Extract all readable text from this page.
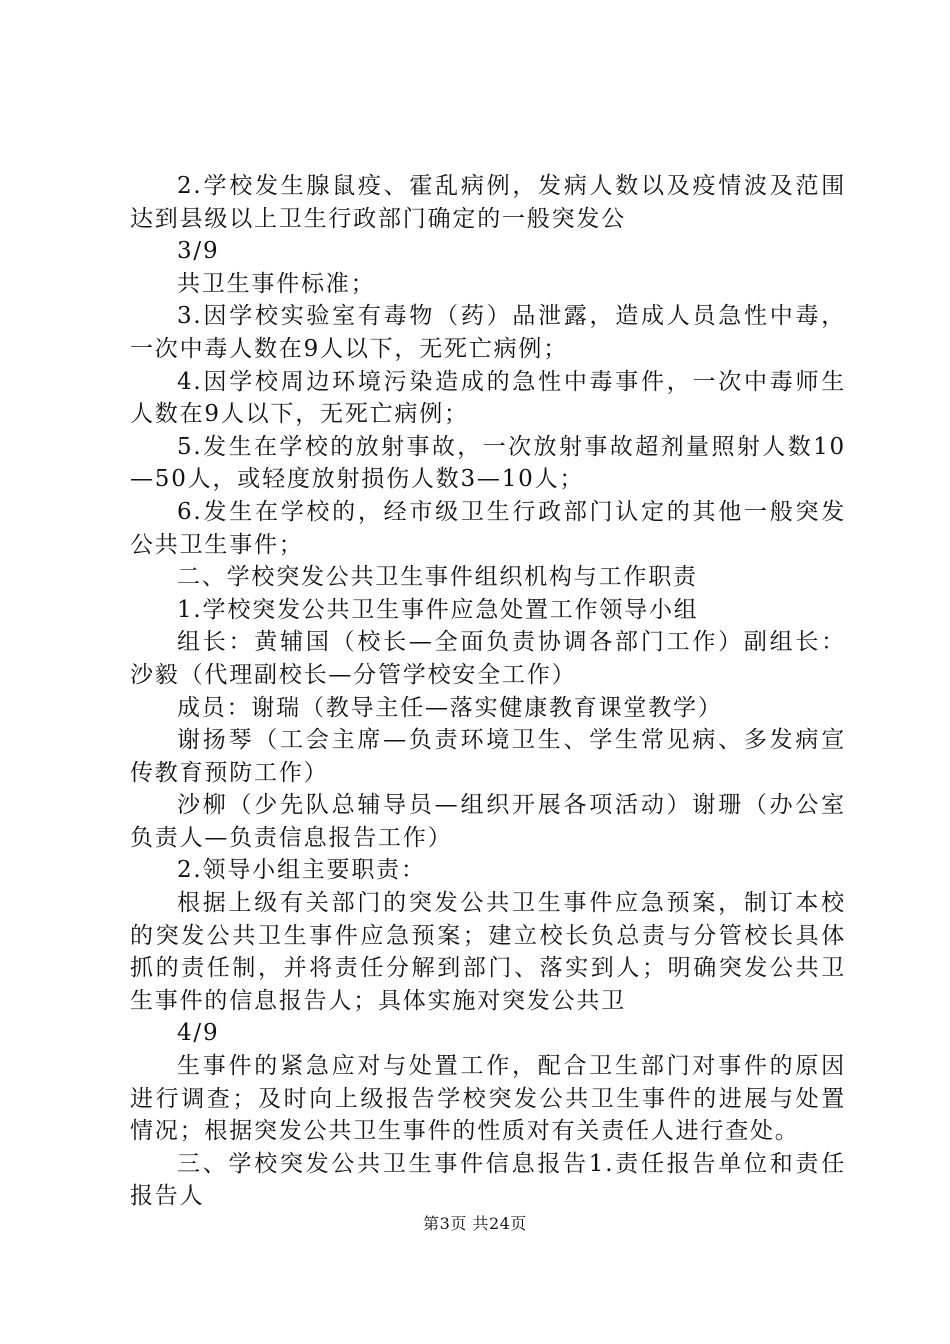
2.学校发生腺鼠疫、霍乱病例，发病人数以及疫情波及范围达到县级以上卫生行政部门确定的一般突发公

3/9

共卫生事件标准；

3.因学校实验室有毒物（药）品泄露，造成人员急性中毒，一次中毒人数在9人以下，无死亡病例；

4.因学校周边环境污染造成的急性中毒事件，一次中毒师生人数在9人以下，无死亡病例；

5.发生在学校的放射事故，一次放射事故超剂量照射人数10—50人，或轻度放射损伤人数3—10人；

6.发生在学校的，经市级卫生行政部门认定的其他一般突发公共卫生事件；

二、学校突发公共卫生事件组织机构与工作职责

1.学校突发公共卫生事件应急处置工作领导小组

组长：黄辅国（校长—全面负责协调各部门工作）副组长：沙毅（代理副校长—分管学校安全工作）

成员：谢瑞（教导主任—落实健康教育课堂教学）

谢扬琴（工会主席—负责环境卫生、学生常见病、多发病宣传教育预防工作）

沙柳（少先队总辅导员—组织开展各项活动）谢珊（办公室负责人—负责信息报告工作）

2.领导小组主要职责：

根据上级有关部门的突发公共卫生事件应急预案，制订本校的突发公共卫生事件应急预案；建立校长负总责与分管校长具体抓的责任制，并将责任分解到部门、落实到人；明确突发公共卫生事件的信息报告人；具体实施对突发公共卫

4/9

生事件的紧急应对与处置工作，配合卫生部门对事件的原因进行调查；及时向上级报告学校突发公共卫生事件的进展与处置情况；根据突发公共卫生事件的性质对有关责任人进行查处。

三、学校突发公共卫生事件信息报告1.责任报告单位和责任报告人

第3页 共24页
